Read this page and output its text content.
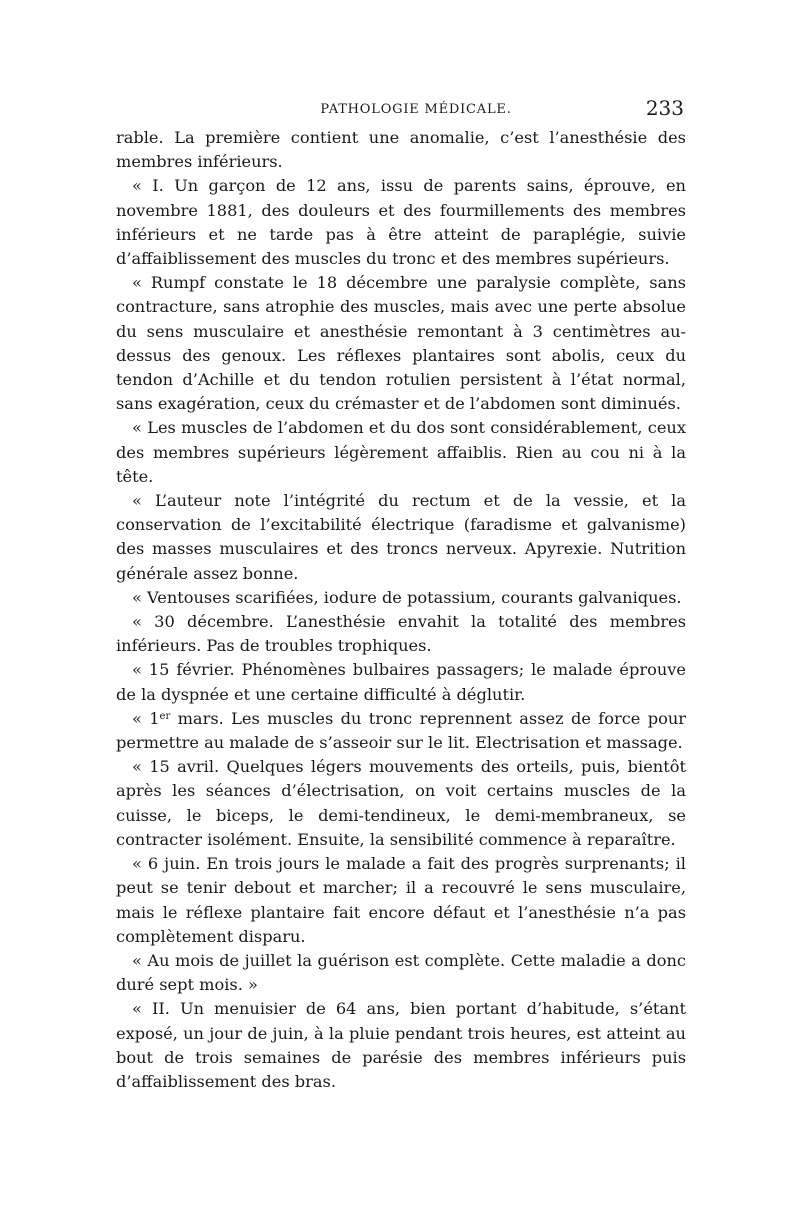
PATHOLOGIE MÉDICALE.	233

rable. La première contient une anomalie, c’est l’anesthésie des membres inférieurs.

« I. Un garçon de 12 ans, issu de parents sains, éprouve, en novembre 1881, des douleurs et des fourmillements des membres inférieurs et ne tarde pas à être atteint de paraplégie, suivie d’affaiblissement des muscles du tronc et des membres supérieurs.

« Rumpf constate le 18 décembre une paralysie complète, sans contracture, sans atrophie des muscles, mais avec une perte absolue du sens musculaire et anesthésie remontant à 3 centimètres au-dessus des genoux. Les réflexes plantaires sont abolis, ceux du tendon d’Achille et du tendon rotulien persistent à l’état normal, sans exagération, ceux du crémaster et de l’abdomen sont diminués.

« Les muscles de l’abdomen et du dos sont considérablement, ceux des membres supérieurs légèrement affaiblis. Rien au cou ni à la tête.

« L’auteur note l’intégrité du rectum et de la vessie, et la conservation de l’excitabilité électrique (faradisme et galvanisme) des masses musculaires et des troncs nerveux. Apyrexie. Nutrition générale assez bonne.

« Ventouses scarifiées, iodure de potassium, courants galvaniques.

« 30 décembre. L’anesthésie envahit la totalité des membres inférieurs. Pas de troubles trophiques.

« 15 février. Phénomènes bulbaires passagers; le malade éprouve de la dyspnée et une certaine difficulté à déglutir.

« 1er mars. Les muscles du tronc reprennent assez de force pour permettre au malade de s’asseoir sur le lit. Electrisation et massage.

« 15 avril. Quelques légers mouvements des orteils, puis, bientôt après les séances d’électrisation, on voit certains muscles de la cuisse, le biceps, le demi-tendineux, le demi-membraneux, se contracter isolément. Ensuite, la sensibilité commence à reparaître.

« 6 juin. En trois jours le malade a fait des progrès surprenants; il peut se tenir debout et marcher; il a recouvré le sens musculaire, mais le réflexe plantaire fait encore défaut et l’anesthésie n’a pas complètement disparu.

« Au mois de juillet la guérison est complète. Cette maladie a donc duré sept mois. »

« II. Un menuisier de 64 ans, bien portant d’habitude, s’étant exposé, un jour de juin, à la pluie pendant trois heures, est atteint au bout de trois semaines de parésie des membres inférieurs puis d’affaiblissement des bras.
